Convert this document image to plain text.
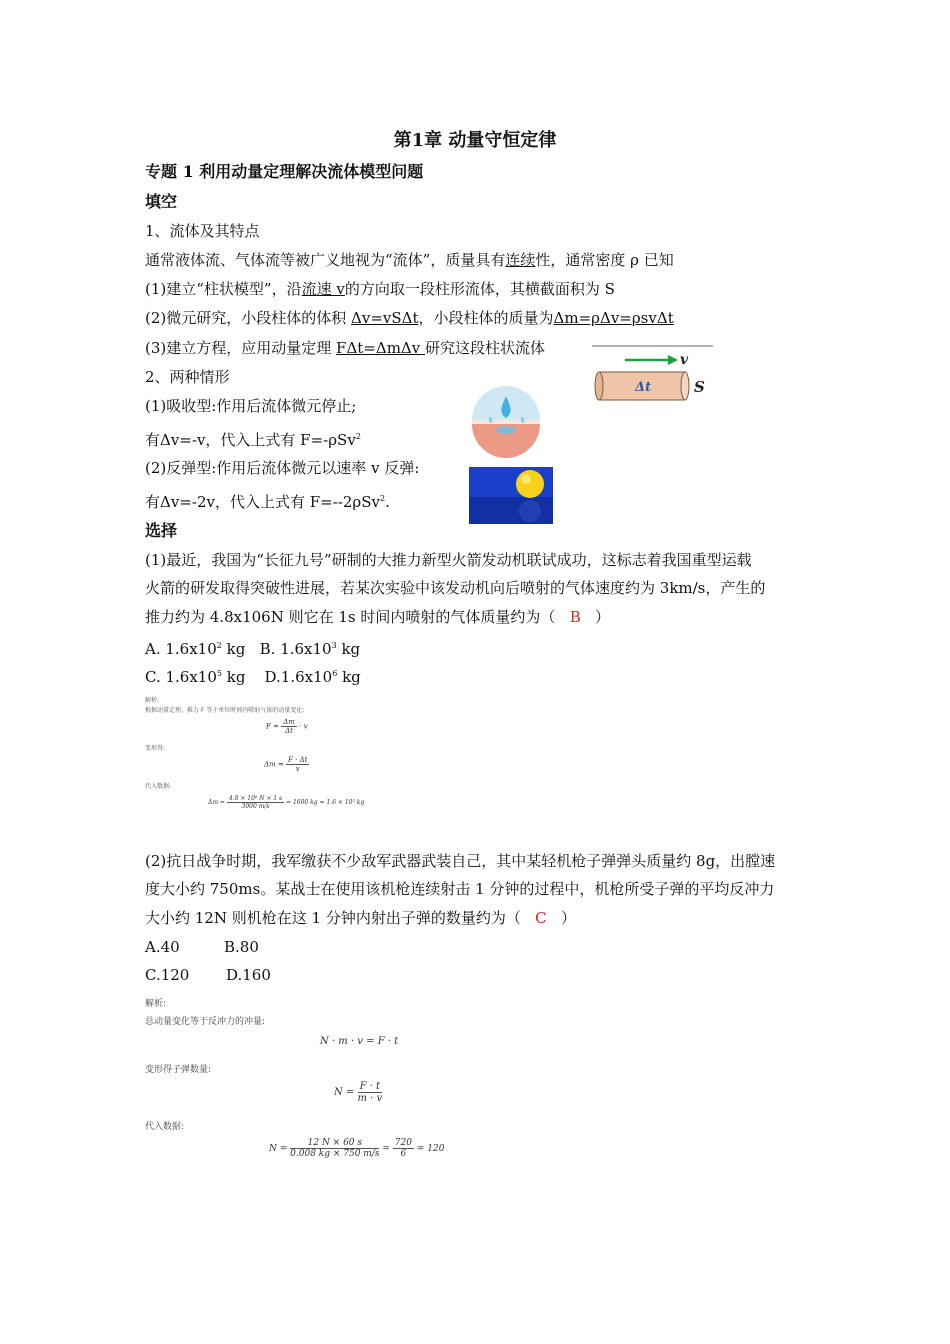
第1章 动量守恒定律
专题 1 利用动量定理解决流体模型问题
填空
1、流体及其特点
通常液体流、气体流等被广义地视为“流体”，质量具有连续性，通常密度 ρ 已知
(1)建立“柱状模型”，沿流速 v的方向取一段柱形流体，其横截面积为 S
(2)微元研究，小段柱体的体积 Δv=vSΔt，小段柱体的质量为Δm=ρΔv=ρsvΔt
(3)建立方程，应用动量定理 FΔt=ΔmΔv 研究这段柱状流体
2、两种情形
(1)吸收型:作用后流体微元停止;
有Δv=-v，代入上式有 F=-ρSv$^2$
(2)反弹型:作用后流体微元以速率 v 反弹:
有Δv=-2v，代入上式有 F=--2ρSv$^2$.
v
Δt	S
选择
(1)最近，我国为“长征九号”研制的大推力新型火箭发动机联试成功，这标志着我国重型运载
火箭的研发取得突破性进展，若某次实验中该发动机向后喷射的气体速度约为 3km/s，产生的
推力约为 4.8x106N 则它在 1s 时间内喷射的气体质量约为（ B ）
A. $1.6x10^2$ kg   B. $1.6x10^3$ kg
C. $1.6x10^5$ kg    $D.1.6x10^6$ kg
解析:
根据动量定理，推力 F 等于单位时间内喷射气体的动量变化:
$F = \frac{\Delta m}{\Delta t} \cdot v$
变形得:
$\Delta m = \frac{F \cdot \Delta t}{v}$
代入数据:
$\Delta m = \frac{\text{4.8 × 10⁶ N × 1 s}}{3000 m/s} = 1600$ kg = 1.6 × 10³ kg
(2)抗日战争时期，我军缴获不少敌军武器武装自己，其中某轻机枪子弹弹头质量约 8g，出膛速
度大小约 750ms。某战士在使用该机枪连续射击 1 分钟的过程中，机枪所受子弹的平均反冲力
大小约 12N 则机枪在这 1 分钟内射出子弹的数量约为（ C ）
A.40	B.80
C.120 D.160
解析:
总动量变化等于反冲力的冲量:
N · m · v = F · t
变形得子弹数量:
$N = \frac{F \cdot t}{m \cdot v}$
代入数据:
$N = \frac{12 N \times 60 s}{0.008 kg \times 750 m/s} = \frac{720}{6} = 120$
